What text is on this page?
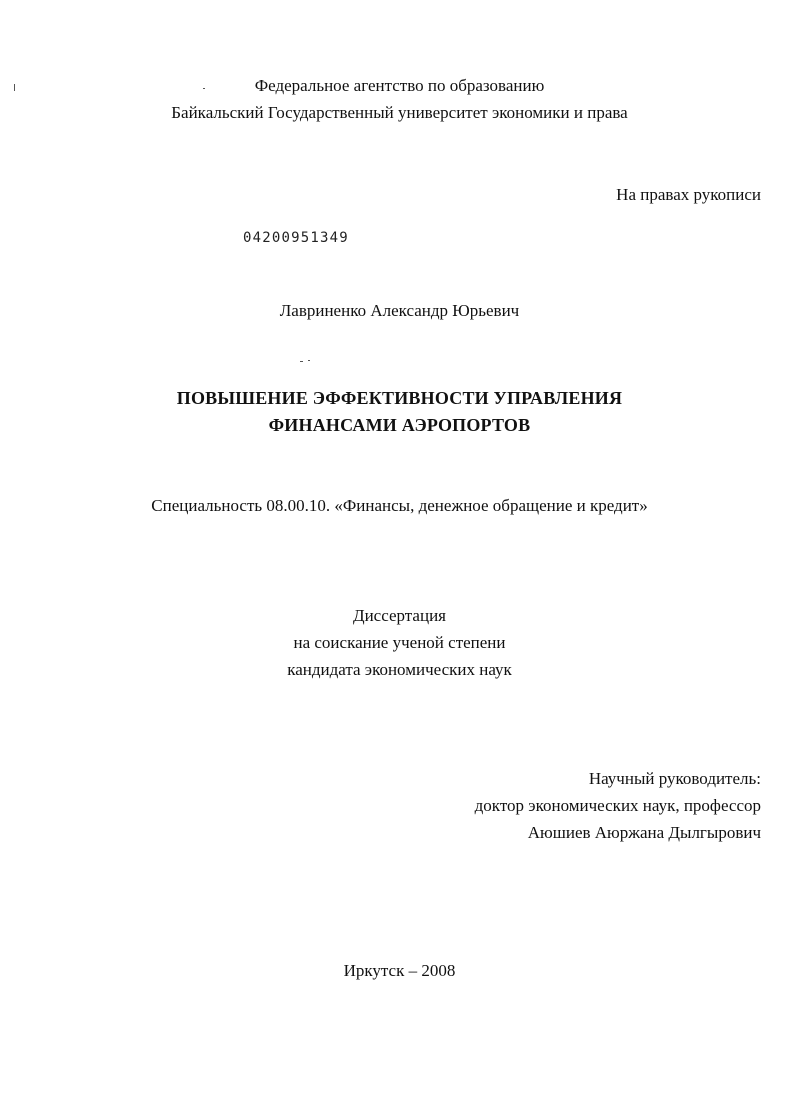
Федеральное агентство по образованию
Байкальский Государственный университет экономики и права
На правах рукописи
04200951349
Лавриненко Александр Юрьевич
ПОВЫШЕНИЕ ЭФФЕКТИВНОСТИ УПРАВЛЕНИЯ
ФИНАНСАМИ АЭРОПОРТОВ
Специальность 08.00.10. «Финансы, денежное обращение и кредит»
Диссертация
на соискание ученой степени
кандидата экономических наук
Научный руководитель:
доктор экономических наук, профессор
Аюшиев Аюржана Дылгырович
Иркутск – 2008
